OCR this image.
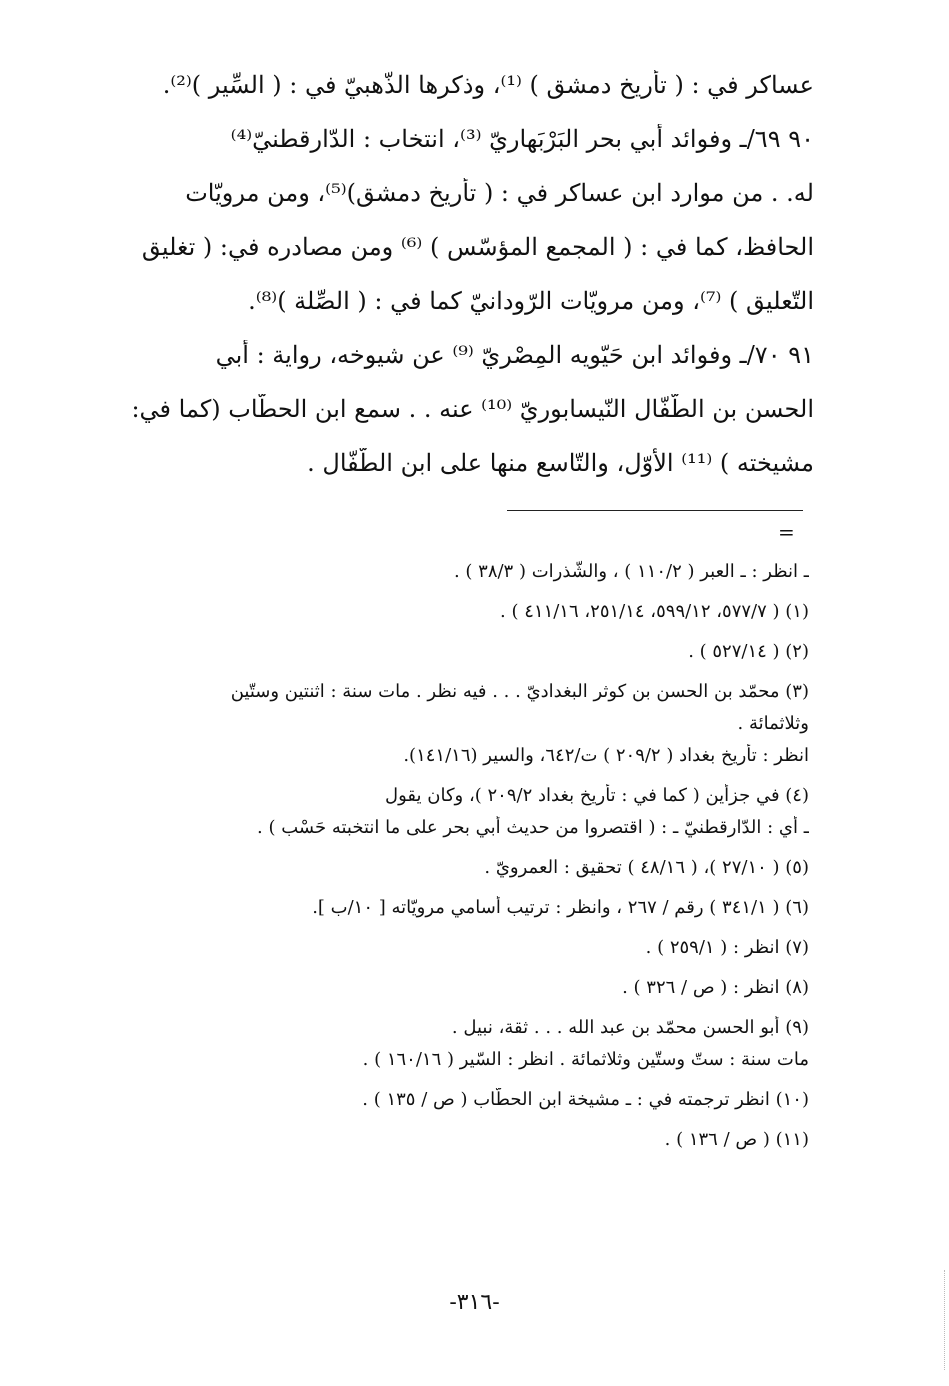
عساكر في : ( تأريخ دمشق ) ⁽¹⁾، وذكرها الذّهبيّ في : ( السِّير )⁽²⁾.

٩٠ ٦٩/ـ وفوائد أبي بحر البَرْبَهاريّ ⁽³⁾، انتخاب : الدّارقطنيّ⁽⁴⁾

له. . من موارد ابن عساكر في : ( تأريخ دمشق)⁽⁵⁾، ومن مرويّات

الحافظ، كما في : ( المجمع المؤسّس ) ⁽⁶⁾ ومن مصادره في: ( تغليق

التّعليق ) ⁽⁷⁾، ومن مرويّات الرّودانيّ كما في : ( الصِّلة )⁽⁸⁾.

٩١ ٧٠/ـ وفوائد ابن حَيّويه المِصْريّ ⁽⁹⁾ عن شيوخه، رواية : أبي

الحسن بن الطّفّال النّيسابوريّ ⁽¹⁰⁾ عنه . . سمع ابن الحطّاب (كما في:

مشيخته ) ⁽¹¹⁾ الأوّل، والتّاسع منها على ابن الطّفّال .

=

ـ انظر : ـ العبر ( ١١٠/٢ ) ، والشّذرات ( ٣٨/٣ ) .

(١) ( ٥٧٧/٧، ٥٩٩/١٢، ٢٥١/١٤، ٤١١/١٦ ) .

(٢) ( ٥٢٧/١٤ ) .

(٣) محمّد بن الحسن بن كوثر البغداديّ . . . فيه نظر . مات سنة : اثنتين وستّين

وثلاثمائة .

انظر : تأريخ بغداد ( ٢٠٩/٢ ) ت/٦٤٢، والسير (١٤١/١٦).

(٤) في جزأين ( كما في : تأريخ بغداد ٢٠٩/٢ )، وكان يقول

ـ أي : الدّارقطنيّ ـ : ( اقتصروا من حديث أبي بحر على ما انتخبته حَسْب ) .

(٥) ( ٢٧/١٠ )، ( ٤٨/١٦ ) تحقيق : العمرويّ .

(٦) ( ٣٤١/١ ) رقم / ٢٦٧ ، وانظر : ترتيب أسامي مرويّاته [ ١٠/ب ].

(٧) انظر : ( ٢٥٩/١ ) .

(٨) انظر : ( ص / ٣٢٦ ) .

(٩) أبو الحسن محمّد بن عبد الله . . . ثقة، نبيل .

مات سنة : ستّ وستّين وثلاثمائة . انظر : السّير ( ١٦٠/١٦ ) .

(١٠) انظر ترجمته في : ـ مشيخة ابن الحطّاب ( ص / ١٣٥ ) .

(١١) ( ص / ١٣٦ ) .

-٣١٦-
